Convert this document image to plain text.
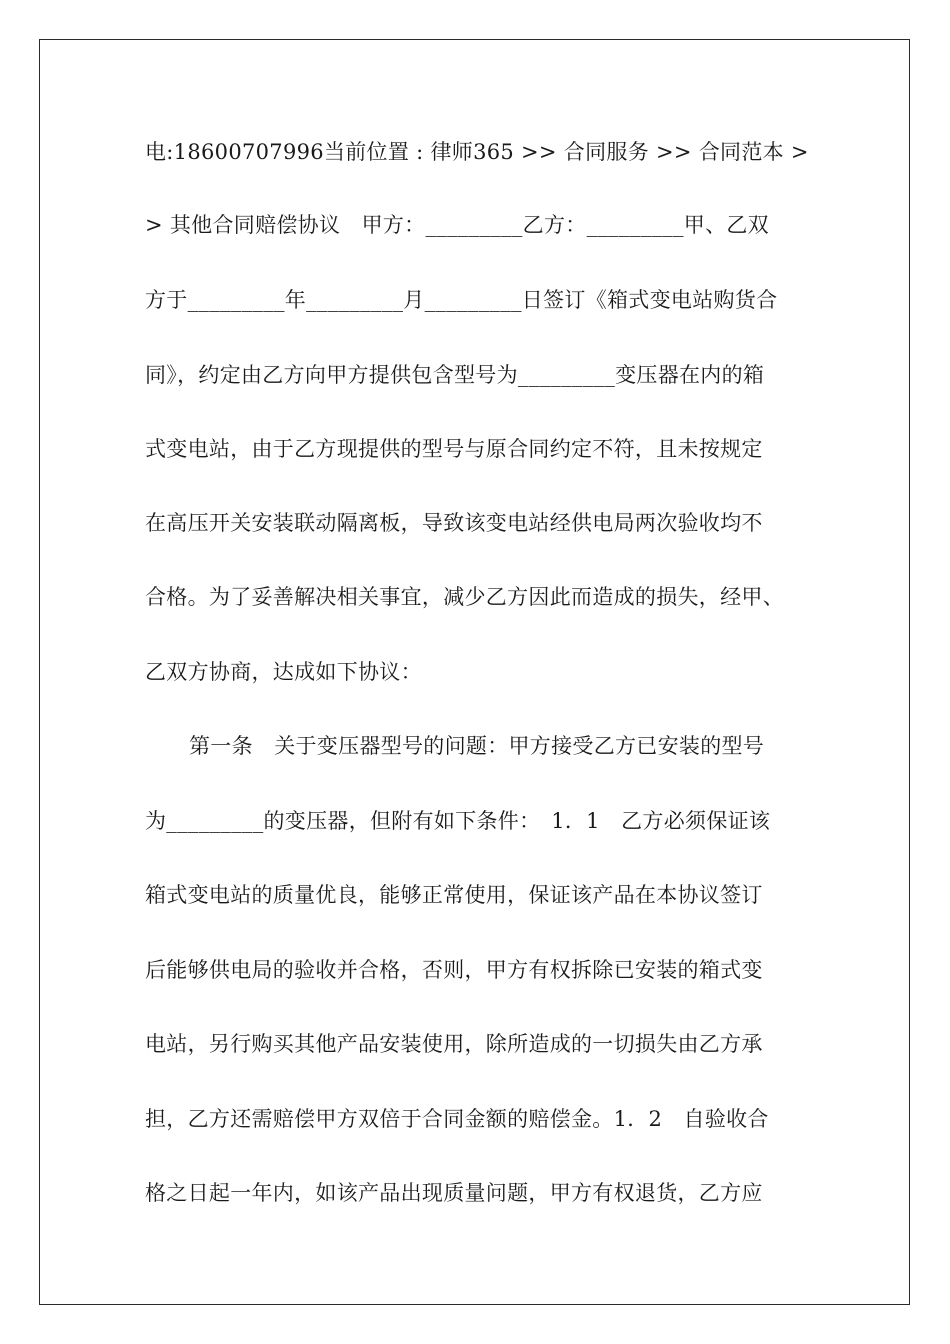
电:18600707996当前位置 : 律师365 >> 合同服务 >> 合同范本 >
> 其他合同赔偿协议　甲方：_________乙方：_________甲、乙双
方于_________年_________月_________日签订《箱式变电站购货合
同》，约定由乙方向甲方提供包含型号为_________变压器在内的箱
式变电站，由于乙方现提供的型号与原合同约定不符，且未按规定
在高压开关安装联动隔离板，导致该变电站经供电局两次验收均不
合格。为了妥善解决相关事宜，减少乙方因此而造成的损失，经甲、
乙双方协商，达成如下协议：
第一条　关于变压器型号的问题：甲方接受乙方已安装的型号
为_________的变压器，但附有如下条件：　1．1　乙方必须保证该
箱式变电站的质量优良，能够正常使用，保证该产品在本协议签订
后能够供电局的验收并合格，否则，甲方有权拆除已安装的箱式变
电站，另行购买其他产品安装使用，除所造成的一切损失由乙方承
担，乙方还需赔偿甲方双倍于合同金额的赔偿金。1．2　自验收合
格之日起一年内，如该产品出现质量问题，甲方有权退货，乙方应
